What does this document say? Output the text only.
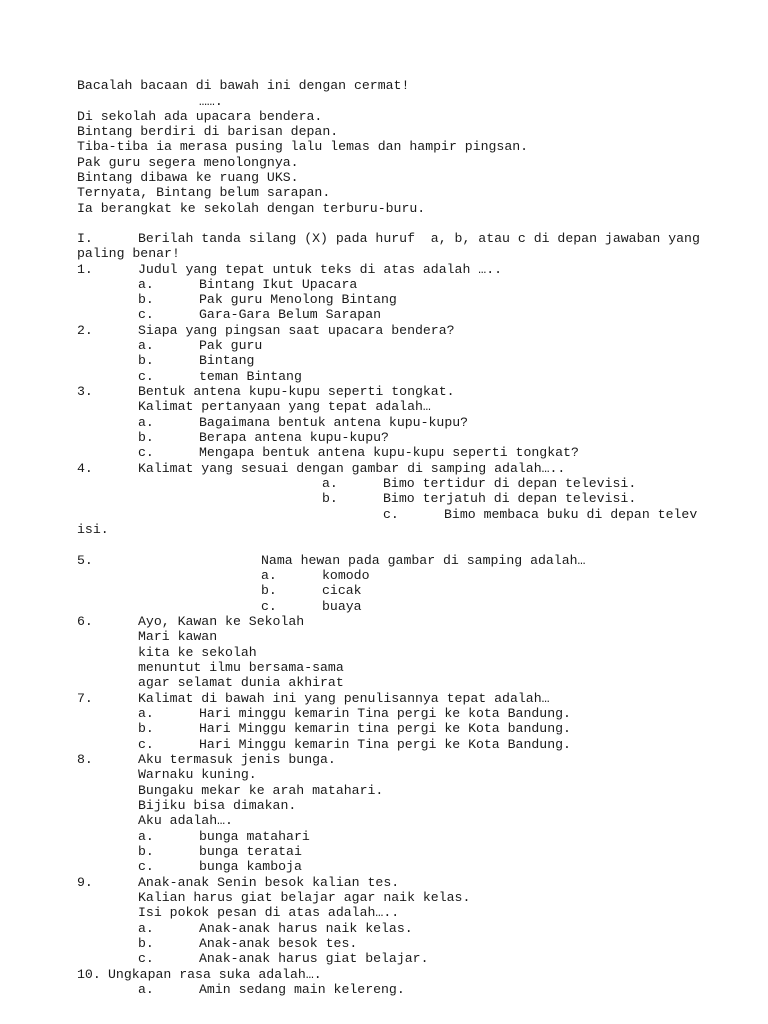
Bacalah bacaan di bawah ini dengan cermat!
…….
Di sekolah ada upacara bendera.
Bintang berdiri di barisan depan.
Tiba-tiba ia merasa pusing lalu lemas dan hampir pingsan.
Pak guru segera menolongnya.
Bintang dibawa ke ruang UKS.
Ternyata, Bintang belum sarapan.
Ia berangkat ke sekolah dengan terburu-buru.
I.	Berilah tanda silang (X) pada huruf  a, b, atau c di depan jawaban yang
paling benar!
1.	Judul yang tepat untuk teks di atas adalah …..
a.	Bintang Ikut Upacara
b.	Pak guru Menolong Bintang
c.	Gara-Gara Belum Sarapan
2.	Siapa yang pingsan saat upacara bendera?
a.	Pak guru
b.	Bintang
c.	teman Bintang
3.	Bentuk antena kupu-kupu seperti tongkat.
Kalimat pertanyaan yang tepat adalah…
a.	Bagaimana bentuk antena kupu-kupu?
b.	Berapa antena kupu-kupu?
c.	Mengapa bentuk antena kupu-kupu seperti tongkat?
4.	Kalimat yang sesuai dengan gambar di samping adalah…..
a.	Bimo tertidur di depan televisi.
b.	Bimo terjatuh di depan televisi.
c.	Bimo membaca buku di depan telev
isi.
5.	Nama hewan pada gambar di samping adalah…
a.	komodo
b.	cicak
c.	buaya
6.	Ayo, Kawan ke Sekolah
Mari kawan
kita ke sekolah
menuntut ilmu bersama-sama
agar selamat dunia akhirat
7.	Kalimat di bawah ini yang penulisannya tepat adalah…
a.	Hari minggu kemarin Tina pergi ke kota Bandung.
b.	Hari Minggu kemarin tina pergi ke Kota bandung.
c.	Hari Minggu kemarin Tina pergi ke Kota Bandung.
8.	Aku termasuk jenis bunga.
Warnaku kuning.
Bungaku mekar ke arah matahari.
Bijiku bisa dimakan.
Aku adalah….
a.	bunga matahari
b.	bunga teratai
c.	bunga kamboja
9.	Anak-anak Senin besok kalian tes.
Kalian harus giat belajar agar naik kelas.
Isi pokok pesan di atas adalah…..
a.	Anak-anak harus naik kelas.
b.	Anak-anak besok tes.
c.	Anak-anak harus giat belajar.
10. Ungkapan rasa suka adalah….
a.	Amin sedang main kelereng.
